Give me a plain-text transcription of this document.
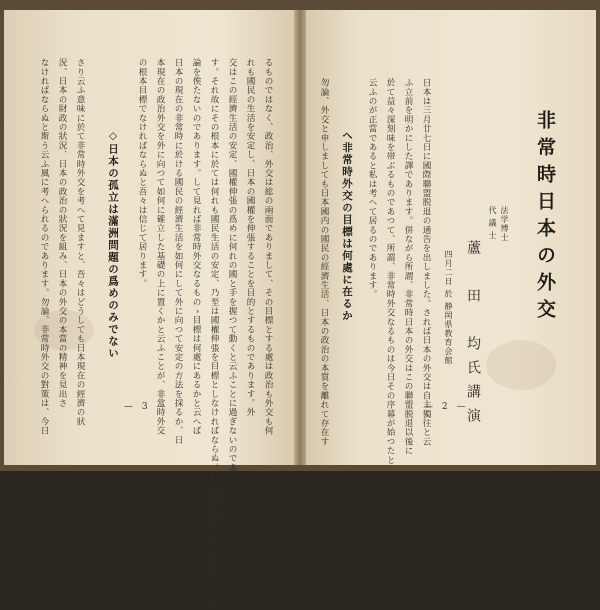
なければならぬと斯う云ふ風に考へられるのであります。勿論、非常時外交の對策は、今日 況、日本の財政の狀況、日本の政治の狀況を組み、日本の外交の本當の精神を見出さ さり云ふ意味に於て非常時外交を考へて見ますと、吾々はどうしても日本現在の經濟の狀	◇日本の孤立は滿洲問題の爲めのみでない	の根本目標でなければならぬと吾々は信じて居ります。 本現在の政治外交を外に向つて如何に確立した基礎の上に置くかと云ふことが、非常時外交 日本の現在の非常時に於ける國民の經濟生活を如何にして外に向つて安定の方法を採るか、日 論を俟たないのであります。して見れば非常時外交なるものゝ目標は何處にあるかと云へば す。それ故にその根本に於ては何れも國民生活の安定、乃至は國權伸張を目標としなければならぬ。此の目標は何處にあるかと云へば 交はこの經濟生活の安定、國權伸張の爲めに何れの國と手を握つて動くと云ふことに過ぎないのでありま れも國民の生活を安定し、日本の國權を伸張することを目的とするものであります。外 るものではなく、政治、外交は総の兩面でありまして、その目標とする處は政治も外交も何
— 3 —	勿論、外交と申しましても日本國内の國民の經濟生活、日本の政治の本質を離れて存在す	へ非常時外交の目標は何處に在るか	云ふのが正當であると私は考へて居るのであります。 於て益々深刻味を帯ぶるものであつて、所謂、非常時外交なるものは今日その序幕が始つたと ふ立前を明かにした譯であります。併ながら所謂、非常時日本の外交はこの聯盟脱退以後に 日本は三月廿七日に國際聯盟脱退の通告を出しました。されば日本の外交は自主獨往と云	四月二日 於 静岡県教育会館 蘆　田　均氏講演
代 議 士 法学博士	非常時日本の外交
— 2 —
